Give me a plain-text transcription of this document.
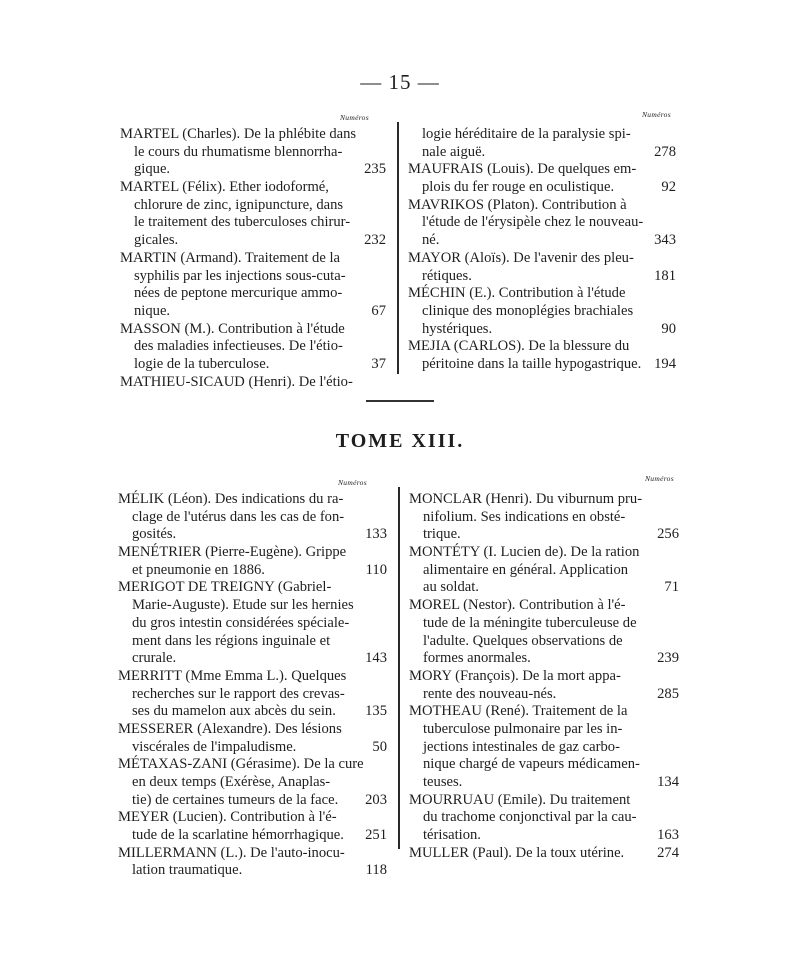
— 15 —
Numéros	Numéros
MARTEL (Charles). De la phlébite dans
le cours du rhumatisme blennorrha-
gique.	235
MARTEL (Félix). Ether iodoformé,
chlorure de zinc, ignipuncture, dans
le traitement des tuberculoses chirur-
gicales.	232
MARTIN (Armand). Traitement de la
syphilis par les injections sous-cuta-
nées de peptone mercurique ammo-
nique.	67
MASSON (M.). Contribution à l'étude
des maladies infectieuses. De l'étio-
logie de la tuberculose.	37
MATHIEU-SICAUD (Henri). De l'étio-
logie héréditaire de la paralysie spi-
nale aiguë.	278
MAUFRAIS (Louis). De quelques em-
plois du fer rouge en oculistique.	92
MAVRIKOS (Platon). Contribution à
l'étude de l'érysipèle chez le nouveau-
né.	343
MAYOR (Aloïs). De l'avenir des pleu-
rétiques.	181
MÉCHIN (E.). Contribution à l'étude
clinique des monoplégies brachiales
hystériques.	90
MEJIA (CARLOS). De la blessure du
péritoine dans la taille hypogastrique. 194
TOME XIII.
Numéros	Numéros
MÉLIK (Léon). Des indications du ra-
clage de l'utérus dans les cas de fon-
gosités.	133
MENÉTRIER (Pierre-Eugène). Grippe
et pneumonie en 1886.	110
MERIGOT DE TREIGNY (Gabriel-
Marie-Auguste). Etude sur les hernies
du gros intestin considérées spéciale-
ment dans les régions inguinale et
crurale.	143
MERRITT (Mme Emma L.). Quelques
recherches sur le rapport des crevas-
ses du mamelon aux abcès du sein. 135
MESSERER (Alexandre). Des lésions
viscérales de l'impaludisme.	50
MÉTAXAS-ZANI (Gérasime). De la cure
en deux temps (Exérèse, Anaplas-
tie) de certaines tumeurs de la face. 203
MEYER (Lucien). Contribution à l'é-
tude de la scarlatine hémorrhagique. 251
MILLERMANN (L.). De l'auto-inocu-
lation traumatique.	118
MONCLAR (Henri). Du viburnum pru-
nifolium. Ses indications en obsté-
trique.	256
MONTÉTY (I. Lucien de). De la ration
alimentaire en général. Application
au soldat.	71
MOREL (Nestor). Contribution à l'é-
tude de la méningite tuberculeuse de
l'adulte. Quelques observations de
formes anormales.	239
MORY (François). De la mort appa-
rente des nouveau-nés.	285
MOTHEAU (René). Traitement de la
tuberculose pulmonaire par les in-
jections intestinales de gaz carbo-
nique chargé de vapeurs médicamen-
teuses.	134
MOURRUAU (Emile). Du traitement
du trachome conjonctival par la cau-
térisation.	163
MULLER (Paul). De la toux utérine. 274
